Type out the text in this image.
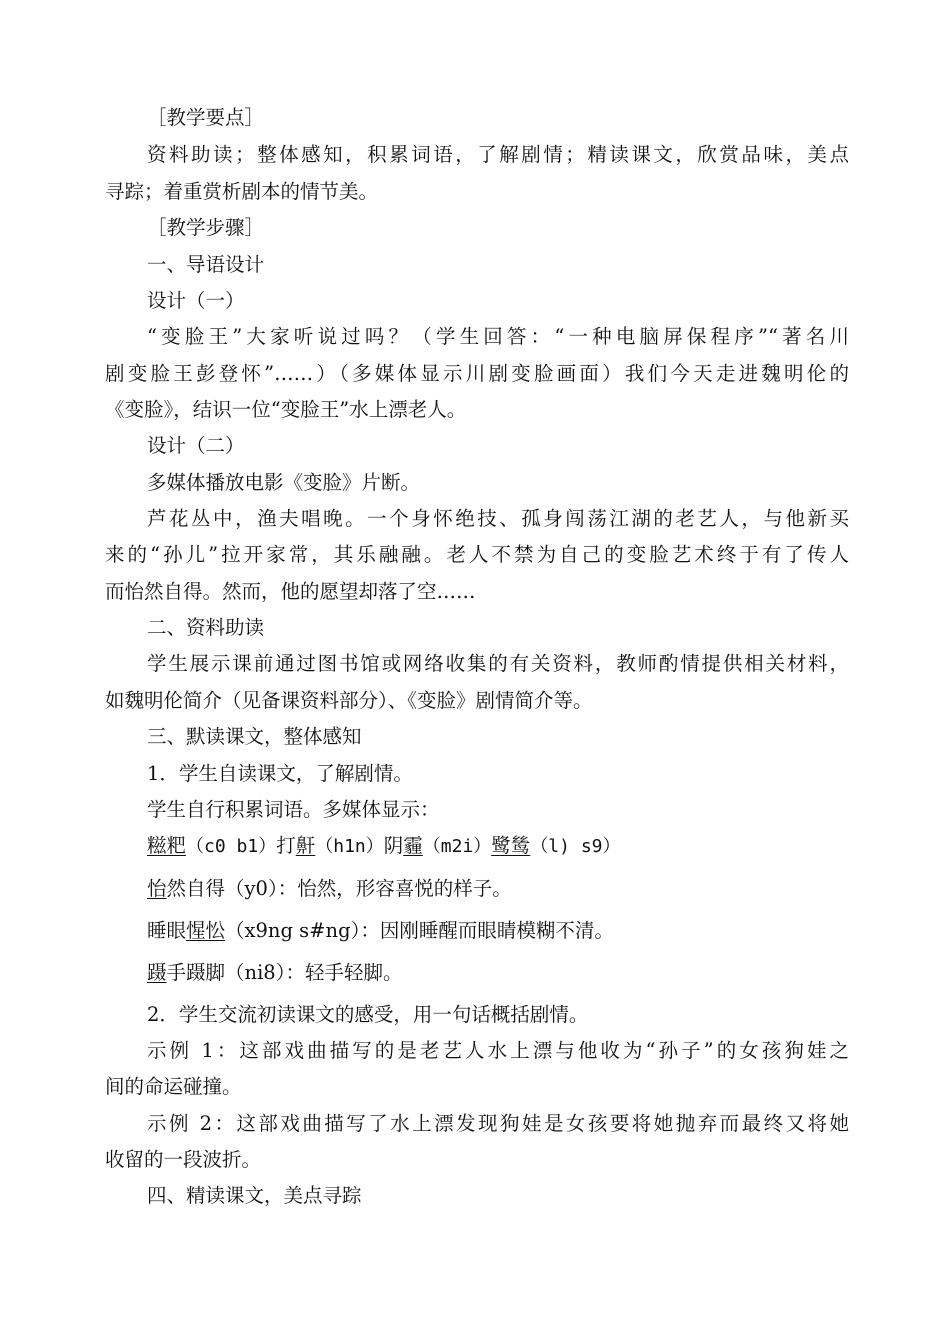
［教学要点］
资料助读；整体感知，积累词语，了解剧情；精读课文，欣赏品味，美点
寻踪；着重赏析剧本的情节美。
［教学步骤］
一、导语设计
设计（一）
“变脸王”大家听说过吗？（学生回答：“一种电脑屏保程序”“著名川
剧变脸王彭登怀”……）（多媒体显示川剧变脸画面）我们今天走进魏明伦的
《变脸》，结识一位“变脸王”水上漂老人。
设计（二）
多媒体播放电影《变脸》片断。
芦花丛中，渔夫唱晚。一个身怀绝技、孤身闯荡江湖的老艺人，与他新买
来的“孙儿”拉开家常，其乐融融。老人不禁为自己的变脸艺术终于有了传人
而怡然自得。然而，他的愿望却落了空……
二、资料助读
学生展示课前通过图书馆或网络收集的有关资料，教师酌情提供相关材料，
如魏明伦简介（见备课资料部分）、《变脸》剧情简介等。
三、默读课文，整体感知
1．学生自读课文，了解剧情。
学生自行积累词语。多媒体显示：
糍粑（c0 b1）打鼾（h1n）阴霾（m2i）鹭鸶（l) s9）
怡然自得（y0）：怡然，形容喜悦的样子。
睡眼惺忪（x9ng s#ng）：因刚睡醒而眼睛模糊不清。
蹑手蹑脚（ni8）：轻手轻脚。
2．学生交流初读课文的感受，用一句话概括剧情。
示例 1：这部戏曲描写的是老艺人水上漂与他收为“孙子”的女孩狗娃之
间的命运碰撞。
示例 2：这部戏曲描写了水上漂发现狗娃是女孩要将她抛弃而最终又将她
收留的一段波折。
四、精读课文，美点寻踪
